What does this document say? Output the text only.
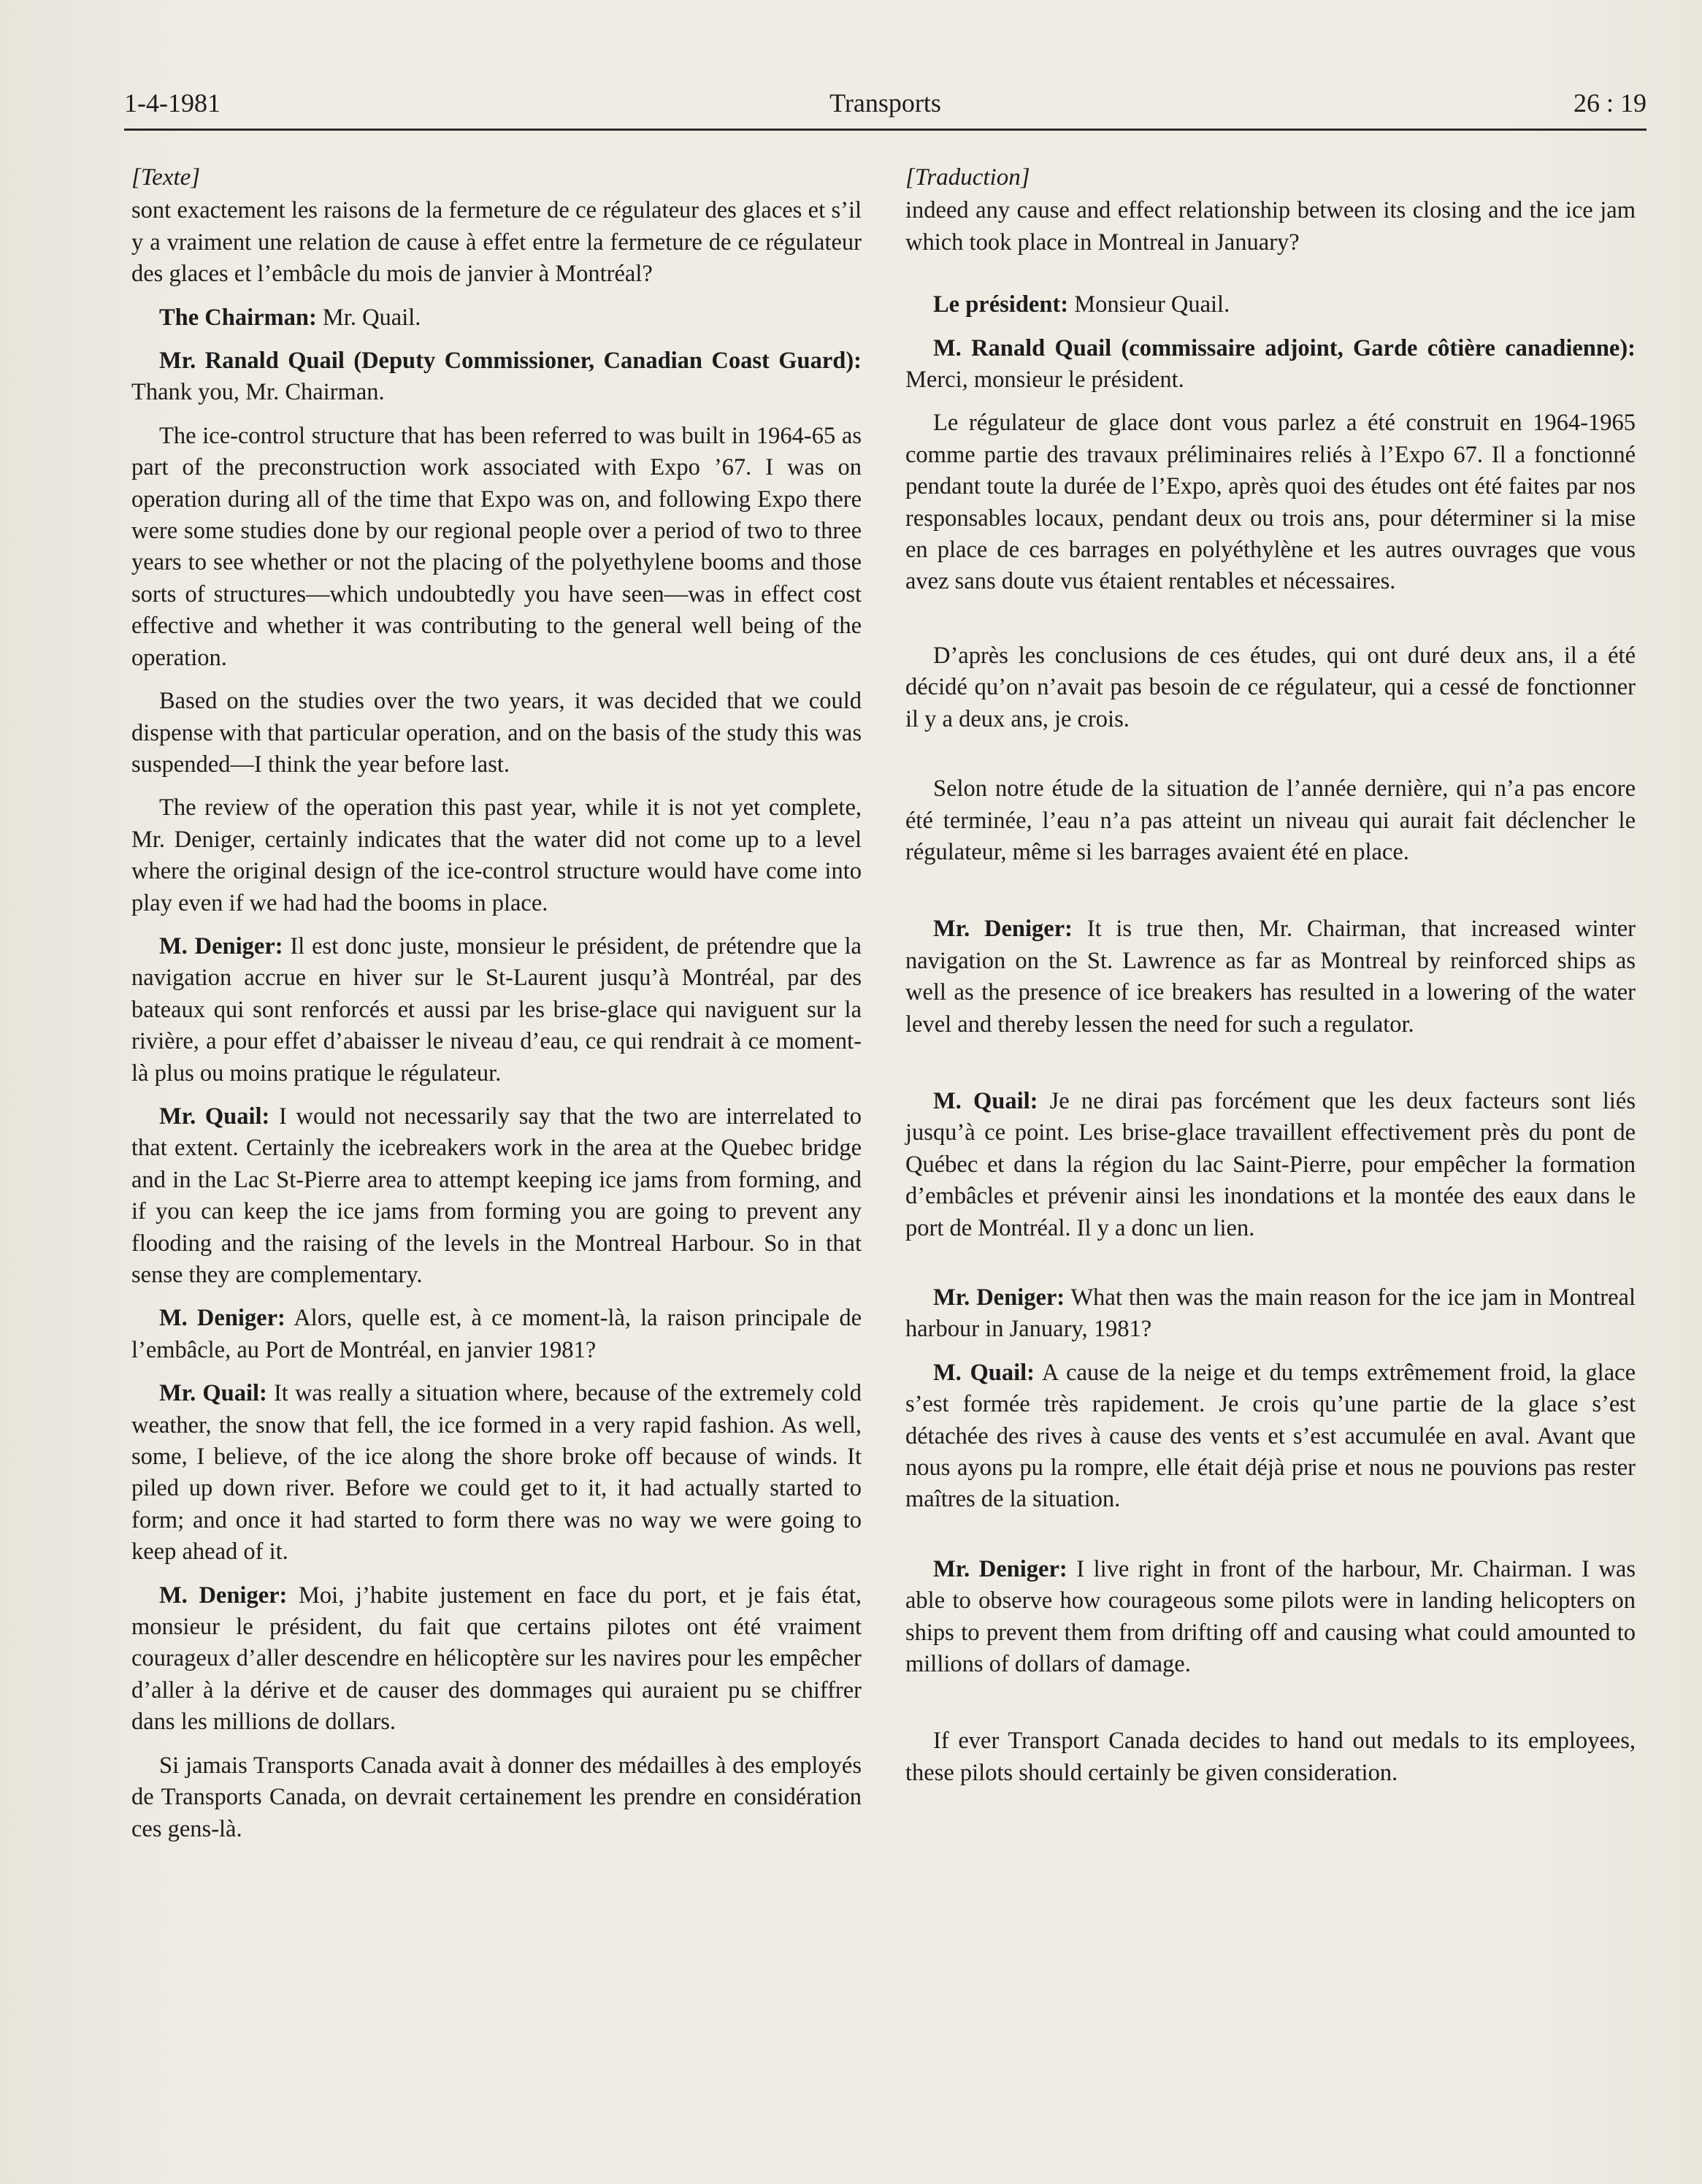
1-4-1981	Transports	26 : 19

[Texte]

sont exactement les raisons de la fermeture de ce régulateur des glaces et s’il y a vraiment une relation de cause à effet entre la fermeture de ce régulateur des glaces et l’embâcle du mois de janvier à Montréal?

The Chairman: Mr. Quail.

Mr. Ranald Quail (Deputy Commissioner, Canadian Coast Guard): Thank you, Mr. Chairman.

The ice-control structure that has been referred to was built in 1964-65 as part of the preconstruction work associated with Expo ’67. I was on operation during all of the time that Expo was on, and following Expo there were some studies done by our regional people over a period of two to three years to see whether or not the placing of the polyethylene booms and those sorts of structures—which undoubtedly you have seen—was in effect cost effective and whether it was contributing to the general well being of the operation.

Based on the studies over the two years, it was decided that we could dispense with that particular operation, and on the basis of the study this was suspended—I think the year before last.

The review of the operation this past year, while it is not yet complete, Mr. Deniger, certainly indicates that the water did not come up to a level where the original design of the ice-control structure would have come into play even if we had had the booms in place.

M. Deniger: Il est donc juste, monsieur le président, de prétendre que la navigation accrue en hiver sur le St-Laurent jusqu’à Montréal, par des bateaux qui sont renforcés et aussi par les brise-glace qui naviguent sur la rivière, a pour effet d’abaisser le niveau d’eau, ce qui rendrait à ce moment-là plus ou moins pratique le régulateur.

Mr. Quail: I would not necessarily say that the two are interrelated to that extent. Certainly the icebreakers work in the area at the Quebec bridge and in the Lac St-Pierre area to attempt keeping ice jams from forming, and if you can keep the ice jams from forming you are going to prevent any flooding and the raising of the levels in the Montreal Harbour. So in that sense they are complementary.

M. Deniger: Alors, quelle est, à ce moment-là, la raison principale de l’embâcle, au Port de Montréal, en janvier 1981?

Mr. Quail: It was really a situation where, because of the extremely cold weather, the snow that fell, the ice formed in a very rapid fashion. As well, some, I believe, of the ice along the shore broke off because of winds. It piled up down river. Before we could get to it, it had actually started to form; and once it had started to form there was no way we were going to keep ahead of it.

M. Deniger: Moi, j’habite justement en face du port, et je fais état, monsieur le président, du fait que certains pilotes ont été vraiment courageux d’aller descendre en hélicoptère sur les navires pour les empêcher d’aller à la dérive et de causer des dommages qui auraient pu se chiffrer dans les millions de dollars.

Si jamais Transports Canada avait à donner des médailles à des employés de Transports Canada, on devrait certainement les prendre en considération ces gens-là.

[Traduction]

indeed any cause and effect relationship between its closing and the ice jam which took place in Montreal in January?

Le président: Monsieur Quail.

M. Ranald Quail (commissaire adjoint, Garde côtière canadienne): Merci, monsieur le président.

Le régulateur de glace dont vous parlez a été construit en 1964-1965 comme partie des travaux préliminaires reliés à l’Expo 67. Il a fonctionné pendant toute la durée de l’Expo, après quoi des études ont été faites par nos responsables locaux, pendant deux ou trois ans, pour déterminer si la mise en place de ces barrages en polyéthylène et les autres ouvrages que vous avez sans doute vus étaient rentables et nécessaires.

D’après les conclusions de ces études, qui ont duré deux ans, il a été décidé qu’on n’avait pas besoin de ce régulateur, qui a cessé de fonctionner il y a deux ans, je crois.

Selon notre étude de la situation de l’année dernière, qui n’a pas encore été terminée, l’eau n’a pas atteint un niveau qui aurait fait déclencher le régulateur, même si les barrages avaient été en place.

Mr. Deniger: It is true then, Mr. Chairman, that increased winter navigation on the St. Lawrence as far as Montreal by reinforced ships as well as the presence of ice breakers has resulted in a lowering of the water level and thereby lessen the need for such a regulator.

M. Quail: Je ne dirai pas forcément que les deux facteurs sont liés jusqu’à ce point. Les brise-glace travaillent effectivement près du pont de Québec et dans la région du lac Saint-Pierre, pour empêcher la formation d’embâcles et prévenir ainsi les inondations et la montée des eaux dans le port de Montréal. Il y a donc un lien.

Mr. Deniger: What then was the main reason for the ice jam in Montreal harbour in January, 1981?

M. Quail: A cause de la neige et du temps extrêmement froid, la glace s’est formée très rapidement. Je crois qu’une partie de la glace s’est détachée des rives à cause des vents et s’est accumulée en aval. Avant que nous ayons pu la rompre, elle était déjà prise et nous ne pouvions pas rester maîtres de la situation.

Mr. Deniger: I live right in front of the harbour, Mr. Chairman. I was able to observe how courageous some pilots were in landing helicopters on ships to prevent them from drifting off and causing what could amounted to millions of dollars of damage.

If ever Transport Canada decides to hand out medals to its employees, these pilots should certainly be given consideration.
